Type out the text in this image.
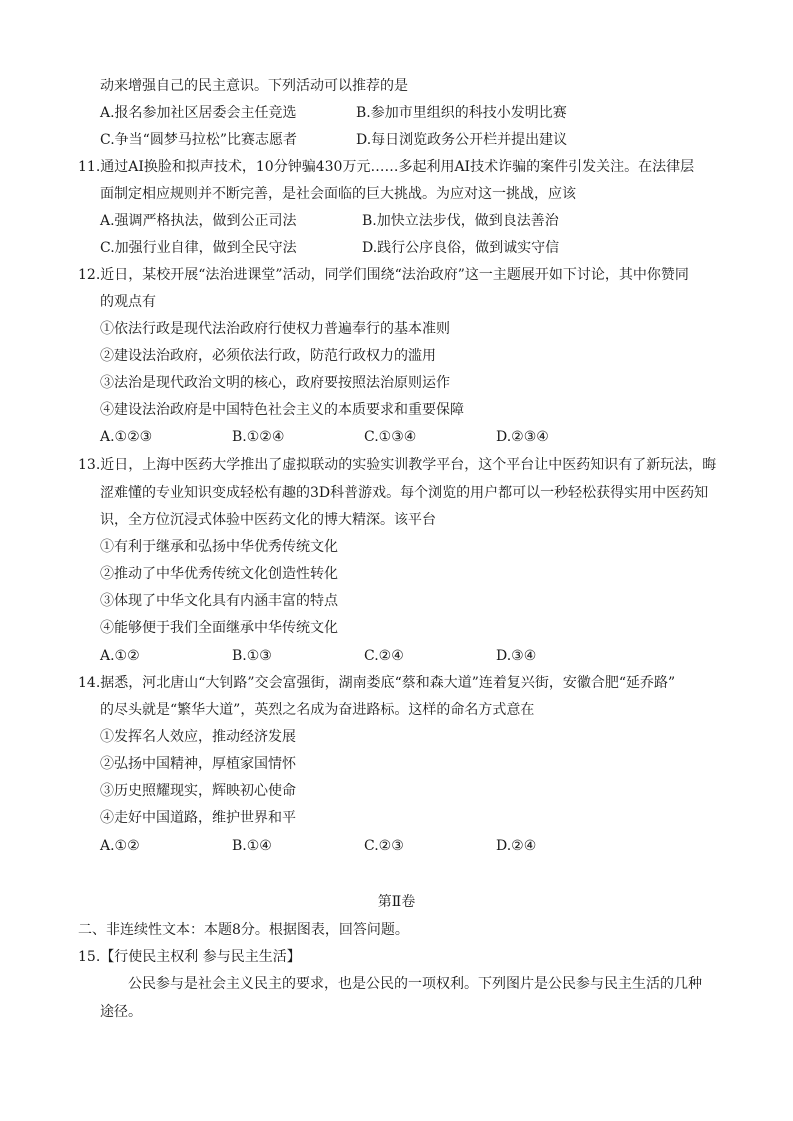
动来增强自己的民主意识。下列活动可以推荐的是
A.报名参加社区居委会主任竞选	B.参加市里组织的科技小发明比赛
C.争当“圆梦马拉松”比赛志愿者	D.每日浏览政务公开栏并提出建议
11.通过AI换脸和拟声技术，10分钟骗430万元……多起利用AI技术诈骗的案件引发关注。在法律层
面制定相应规则并不断完善，是社会面临的巨大挑战。为应对这一挑战，应该
A.强调严格执法，做到公正司法	B.加快立法步伐，做到良法善治
C.加强行业自律，做到全民守法	D.践行公序良俗，做到诚实守信
12.近日，某校开展“法治进课堂”活动，同学们围绕“法治政府”这一主题展开如下讨论，其中你赞同
的观点有
①依法行政是现代法治政府行使权力普遍奉行的基本准则
②建设法治政府，必须依法行政，防范行政权力的滥用
③法治是现代政治文明的核心，政府要按照法治原则运作
④建设法治政府是中国特色社会主义的本质要求和重要保障
A.①②③	B.①②④	C.①③④	D.②③④
13.近日，上海中医药大学推出了虚拟联动的实验实训教学平台，这个平台让中医药知识有了新玩法，晦
涩难懂的专业知识变成轻松有趣的3D科普游戏。每个浏览的用户都可以一秒轻松获得实用中医药知
识，全方位沉浸式体验中医药文化的博大精深。该平台
①有利于继承和弘扬中华优秀传统文化
②推动了中华优秀传统文化创造性转化
③体现了中华文化具有内涵丰富的特点
④能够便于我们全面继承中华传统文化
A.①②	B.①③	C.②④	D.③④
14.据悉，河北唐山“大钊路”交会富强街，湖南娄底“蔡和森大道”连着复兴街，安徽合肥“延乔路”
的尽头就是“繁华大道”，英烈之名成为奋进路标。这样的命名方式意在
①发挥名人效应，推动经济发展
②弘扬中国精神，厚植家国情怀
③历史照耀现实，辉映初心使命
④走好中国道路，维护世界和平
A.①②	B.①④	C.②③	D.②④
第Ⅱ卷
二、非连续性文本：本题8分。根据图表，回答问题。
15.【行使民主权利 参与民主生活】
公民参与是社会主义民主的要求，也是公民的一项权利。下列图片是公民参与民主生活的几种
途径。
